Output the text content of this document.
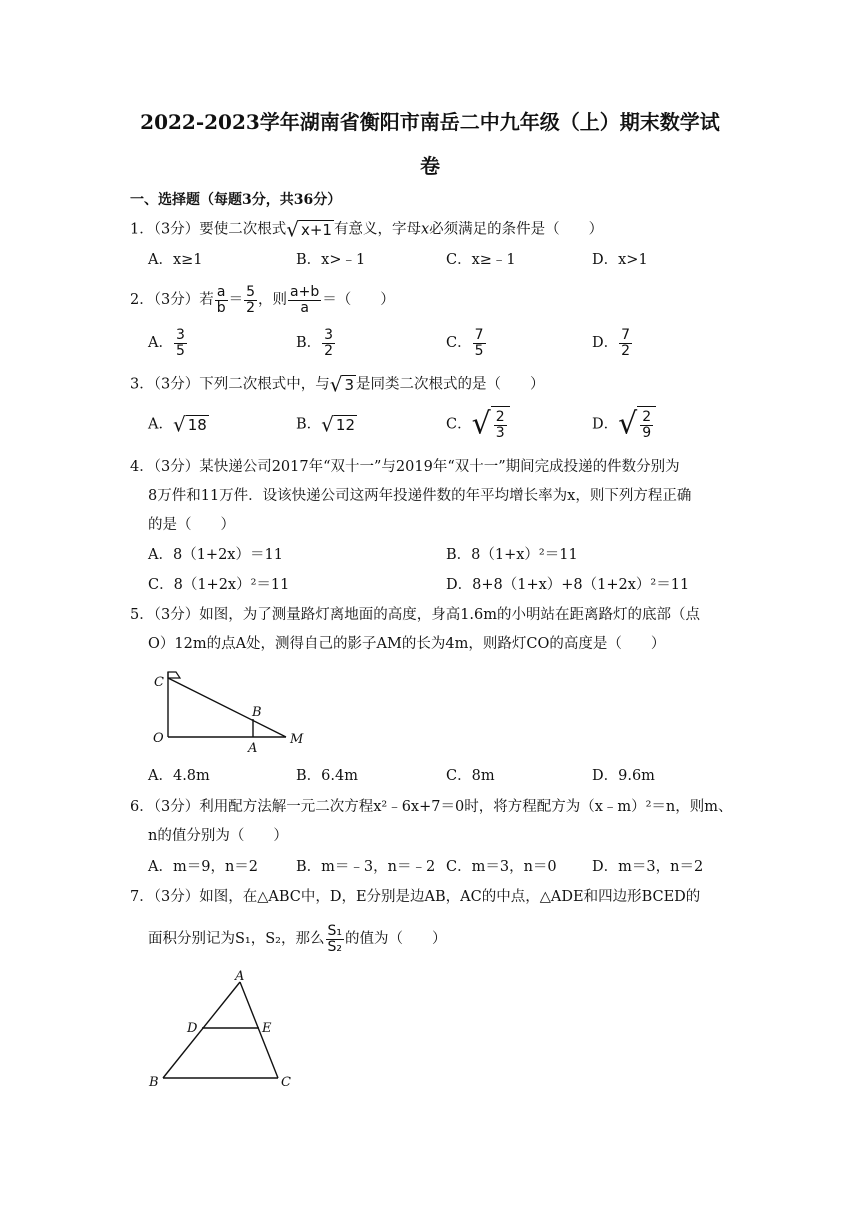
2022-2023学年湖南省衡阳市南岳二中九年级（上）期末数学试
卷
一、选择题（每题3分，共36分）
1．（3分）要使二次根式√ x+1 有意义，字母x必须满足的条件是（　　）
A．x≥1	B．x>﹣1	C．x≥﹣1	D．x>1
2．（3分）若 $\frac{a}{b} = \frac{5}{2}$ ，则 $\frac{a+b}{a}$ ＝（　　）
A． $\frac{3}{5}$	B． $\frac{3}{2}$	C． $\frac{7}{5}$	D． $\frac{7}{2}$
3．（3分）下列二次根式中，与√ 3 是同类二次根式的是（　　）
A．√ 18	B．√ 12	C．√ $\frac{2}{3}$	D．√ $\frac{2}{9}$
4．（3分）某快递公司2017年“双十一”与2019年“双十一”期间完成投递的件数分别为
8万件和11万件．设该快递公司这两年投递件数的年平均增长率为x，则下列方程正确
的是（　　）
A．8（1+2x）＝11	B．8（1+x）²＝11
C．8（1+2x）²＝11	D．8+8（1+x）+8（1+2x）²＝11
5．（3分）如图，为了测量路灯离地面的高度，身高1.6m的小明站在距离路灯的底部（点
O）12m的点A处，测得自己的影子AM的长为4m，则路灯CO的高度是（　　）
C
O
B
A
M
A．4.8m	B．6.4m	C．8m	D．9.6m
6．（3分）利用配方法解一元二次方程x²﹣6x+7＝0时，将方程配方为（x﹣m）²＝n，则m、
n的值分别为（　　）
A．m＝9，n＝2	B．m＝﹣3，n＝﹣2 C．m＝3，n＝0 D．m＝3，n＝2
7．（3分）如图，在△ABC中，D，E分别是边AB，AC的中点，△ADE和四边形BCED的
面积分别记为S₁，S₂，那么 $\frac{\text{S₁}}{\text{S₂}}$ 的值为（　　）
A
D	E
B	C
